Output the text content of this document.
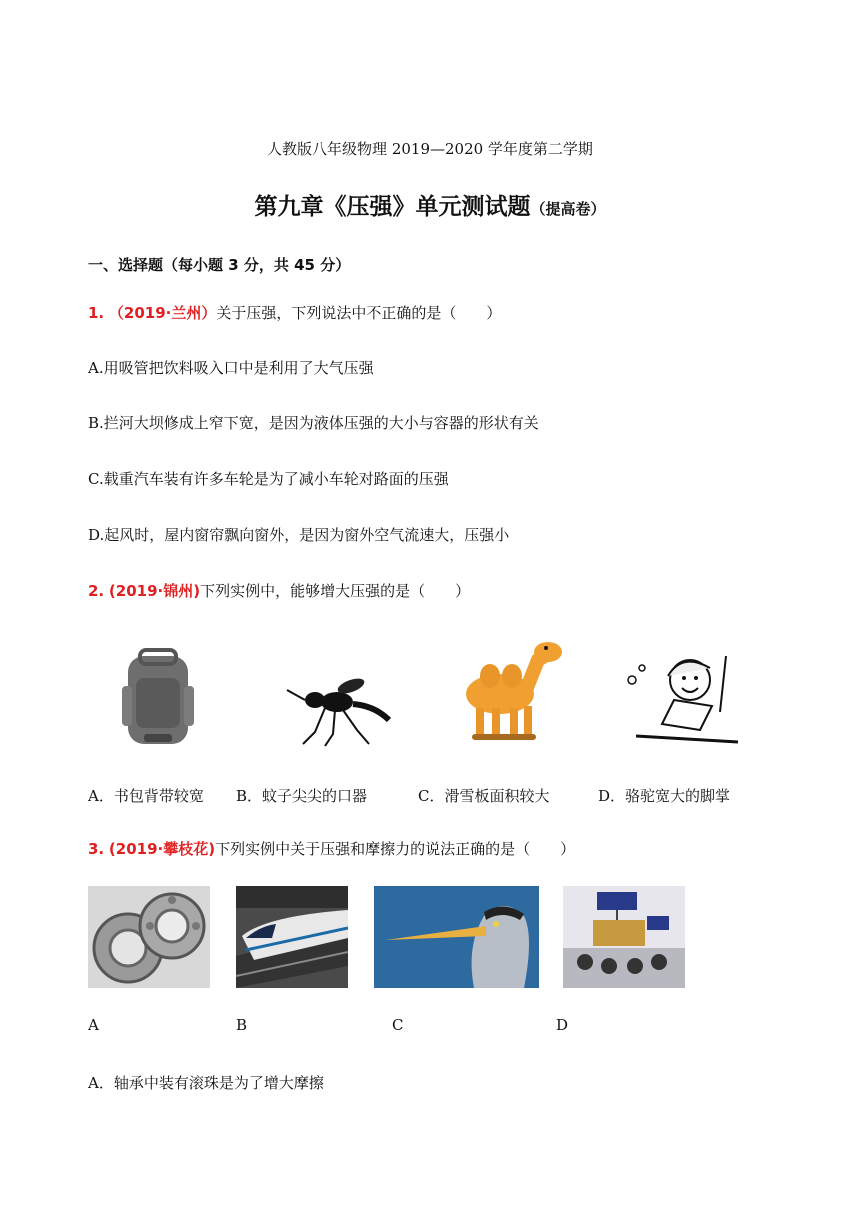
人教版八年级物理 2019—2020 学年度第二学期
第九章《压强》单元测试题（提高卷）
一、选择题（每小题 3 分，共 45 分）
1. （2019·兰州）关于压强，下列说法中不正确的是（　　）
A.用吸管把饮料吸入口中是利用了大气压强
B.拦河大坝修成上窄下宽，是因为液体压强的大小与容器的形状有关
C.载重汽车装有许多车轮是为了减小车轮对路面的压强
D.起风时，屋内窗帘飘向窗外，是因为窗外空气流速大，压强小
2. (2019·锦州)下列实例中，能够增大压强的是（　　）
A．书包背带较宽 B．蚊子尖尖的口器	C．滑雪板面积较大	D．骆驼宽大的脚掌
3. (2019·攀枝花)下列实例中关于压强和摩擦力的说法正确的是（　　）
A	B	C	D
A．轴承中装有滚珠是为了增大摩擦
